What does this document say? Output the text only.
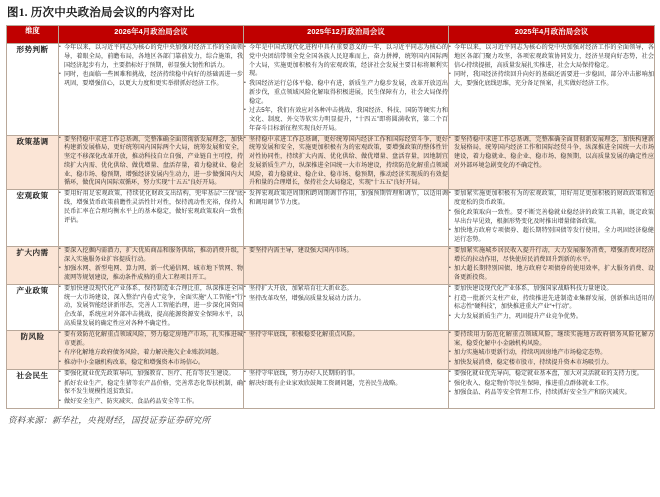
图1. 历次中央政治局会议的内容对比
维度	2026年4月政治局会议	2025年12月政治局会议	2025年4月政治局会议
形势判断	
•今年以来，以习近平同志为核心的党中央加强对经济工作的全面领导，着眼全局，前瞻布局，各地区各部门靠前发力，综合施策，我国经济起步有力，主要指标好于预期，彰显强大韧性和活力。
• 同时，也面临一些困难和挑战，经济持续稳中向好的基础需进一步巩固，要增强信心，以更大力度和更实举措抓好经济工作。

• 今年是中国式现代化进程中具有重要意义的一年，以习近平同志为核心的党中央团结带领全党全国各族人民迎难而上，奋力拼搏，统筹国内国际两个大局，实施更加积极有为的宏观政策，经济社会发展主要目标将顺利实现。
• 我国经济运行总体平稳、稳中有进，新质生产力稳步发展，改革开放迈出新步伐，重点领域风险化解取得积极进展，民生保障有力，社会大局保持稳定。
• 过去5年，我们有效应对各种冲击挑战，我国经济、科技、国防等硬实力和文化、制度、外交等软实力明显提升，“十四五”即将圆满收官，第二个百年奋斗目标新征程实现良好开局。

• 今年以来，以习近平同志为核心的党中央加强对经济工作的全面领导，各地区各部门聚力攻坚，各项宏观政策协同发力，经济呈现向好态势，社会信心持续提振，高质量发展扎实推进，社会大局保持稳定。
• 同时，我国经济持续回升向好的基础还需要进一步稳固，部分冲击影响加大，要强化底线思维，充分备足预案，扎实做好经济工作。

政策基调	
•要坚持稳中求进工作总基调，完整准确全面贯彻新发展理念，加快构建新发展格局，更好统筹国内国际两个大局，统筹发展和安全，坚定不移深化改革开放，推动科技自立自强，产业链自主可控，持续扩大内需、优化供给、做优增量、盘活存量，着力稳就业、稳企业、稳市场、稳预期，增强经济发展内生动力，进一步做强国内大循环，做优国内国际双循环，努力实现“十五五”良好开局。

• 坚持稳中求进工作总基调，更好统筹国内经济工作和国际经贸斗争，更好统筹发展和安全，实施更加积极有为的宏观政策，要增强政策的整体性针对性协同性，持续扩大内需、优化供给、做优增量、盘活存量，因地制宜发展新质生产力，纵深推进全国统一大市场建设，持续防范化解重点领域风险，着力稳就业、稳企业、稳市场、稳预期，推动经济实现质的有效提升和量的合理增长，保持社会大局稳定，实现“十五五”良好开局。

• 要坚持稳中求进工作总基调，完整准确全面贯彻新发展理念，加快构建新发展格局，统筹国内经济工作和国际经贸斗争，纵深推进全国统一大市场建设，着力稳就业、稳企业、稳市场、稳预期，以高质量发展的确定性应对外部环境急剧变化的不确定性。

宏观政策	
•要用好用足宏观政策，持续优化财政支出结构，兜牢基层“三保”底线，增强货币政策前瞻性灵活性针对性，保持流动性充裕，保持人民币汇率在合理均衡水平上的基本稳定，做好宏观政策取向一致性评估。

• 发挥宏观政策逆周期和跨周期调节作用，加强预期管理和调节，以适用调和调用调节节力度。

• 要加紧实施更加积极有为的宏观政策，用好用足更加积极的财政政策和适度宽松的货币政策。
• 强化政策取向一致性。要不断完善稳就业稳经济的政策工具箱，既定政策早出台早见效，根据形势变化及时推出增量储备政策。
• 加快地方政府专项债券、超长期特别国债等发行使用，全力巩固经济稳健运行态势。

扩大内需	
•要深入挖掘内需潜力，扩大优质商品和服务供给，推动消费升级，深入实施服务业扩容提质行动。
• 加强水网、新型电网、算力网、新一代通信网、城市地下管网、物流网等规划建设，推动条件成熟的重大工程项目开工。

• 要坚持内需主导，建设强大国内市场。

•要加紧实施城乡居民收入提升行动，大力发展服务消费，增强消费对经济增长的拉动作用，尽快使居民消费回升到新的水平。
• 加大超长期特别国债、地方政府专项债券的使用效率，扩大服务消费、设备更新投资。

产业政策	
•要加快建设现代化产业体系，保持制造业合理比重，纵深推进全国统一大市场建设，深入整治“内卷式”竞争，全面实施“人工智能+”行动，发展智能经济新形态，完善人工智能治理，进一步深化国资国企改革，系统应对外部冲击挑战，提高能源资源安全保障水平，以高质量发展的确定性应对各种不确定性。

• 坚持扩大开放，加紧培育壮大新业态。
• 坚持改革攻坚，增强高质量发展动力活力。

• 要加快建设现代化产业体系，加强国家战略科技力量建设。
• 打造一批新兴支柱产业，持续推进先进制造业集群发展，创新推出适用的标志性“硬科技”，加快推进重大产业“+行动”。
• 大力发展新质生产力，巩固提升产业竞争优势。

防风险	
•要有效防范化解重点领域风险，努力稳定房地产市场，扎实推进城市更新。
• 有序化解地方政府债务风险，着力解决拖欠企业账款问题。
• 推动中小金融机构改革，稳定和增强资本市场信心。

• 坚持守牢底线，积极稳妥化解重点风险。

•要持续用力防范化解重点领域风险，继续实施地方政府债务风险化解方案，稳妥化解中小金融机构风险。
• 加力实施城市更新行动，持续巩固房地产市场稳定态势。
• 加快发展消费，稳定楼市股市，持续提升资本市场吸引力。

社会民生	
•要强化就业优先政策导向，加强教育、医疗、托育等民生建设。
• 抓好农业生产，稳定生猪等农产品价格，完善常态化帮扶机制，确保不发生规模性返贫致贫。
• 做好安全生产、防灾减灾、食品药品安全等工作。

• 坚持守牢底线，努力办好人民期盼的事。
• 解决好既有企业家欢欣鼓舞工资调问题，完善民生战略。

• 要强化就业优先导向，稳定就业基本盘，加大对灵活就业的支持力度。
• 强化收入、稳定物价等民生保障，推进重点群体就业工作。
• 加强食品、药品等安全管理工作，持续抓好安全生产和防灾减灾。
资料来源：新华社，央视财经，国投证券证券研究所
